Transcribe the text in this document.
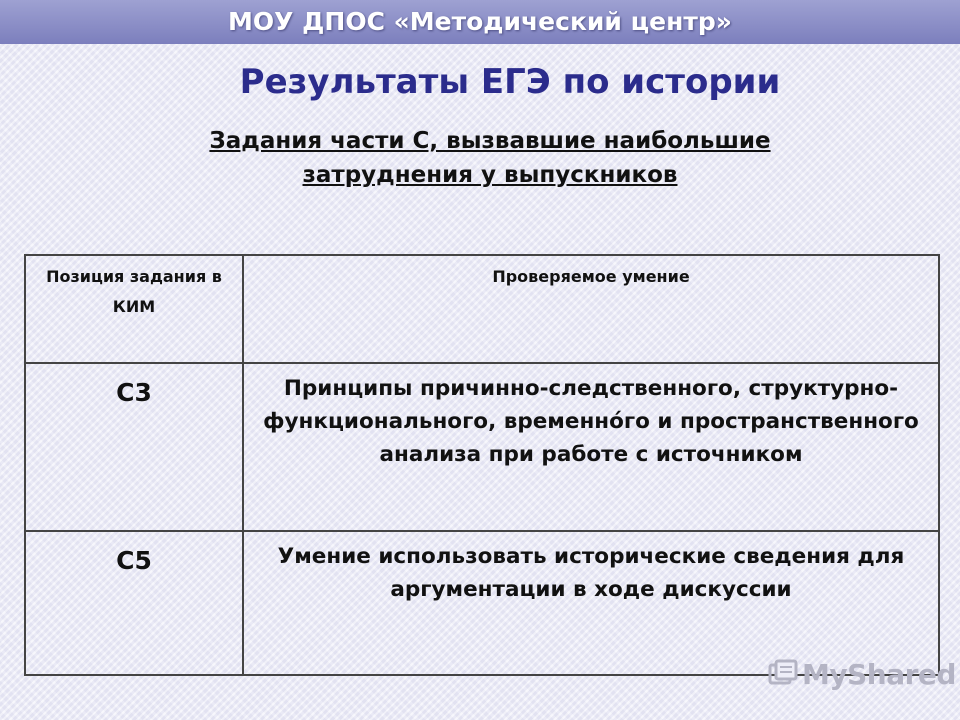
МОУ ДПОС «Методический центр»
Результаты ЕГЭ по истории

Задания части С, вызвавшие наибольшие затруднения у выпускников

Позиция задания в КИМ	Проверяемое умение

С3	Принципы причинно-следственного, структурно-функционального, временнóго и пространственного анализа при работе с источником
С5	Умение использовать исторические сведения для аргументации в ходе дискуссии
MyShared
